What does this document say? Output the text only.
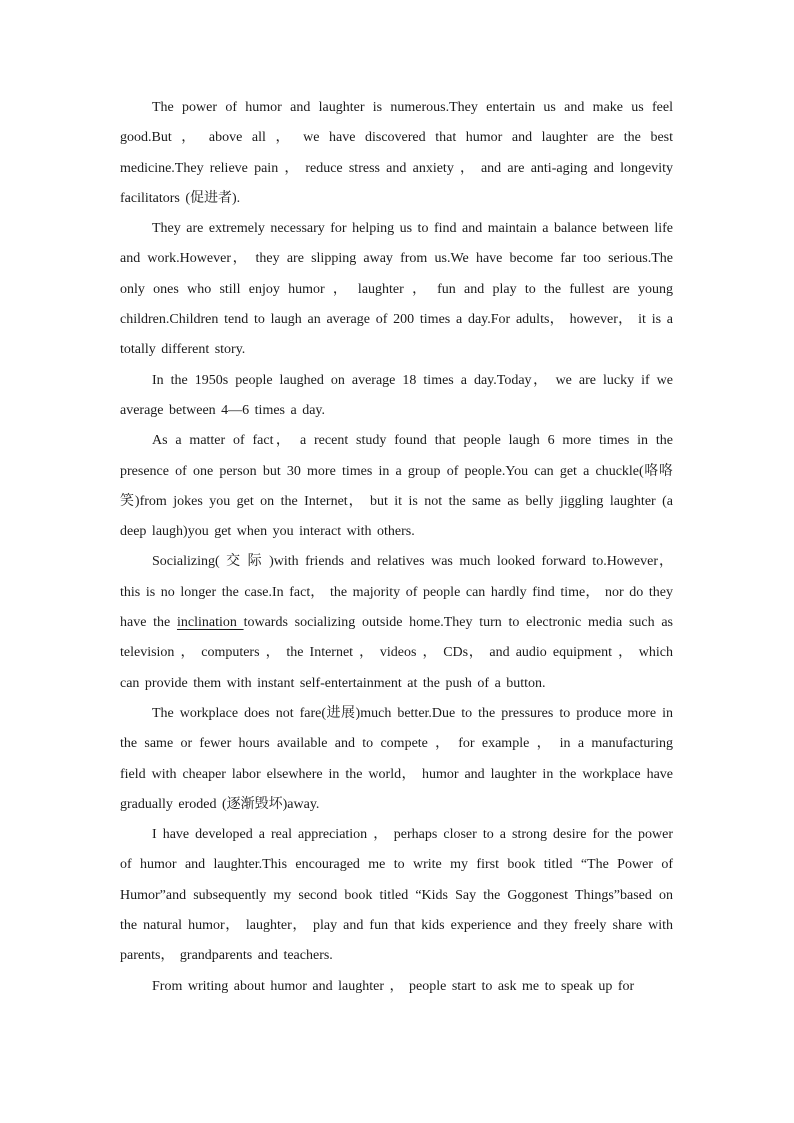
The power of humor and laughter is numerous.They entertain us and make us feel good.But ， above all ， we have discovered that humor and laughter are the best medicine.They relieve pain ， reduce stress and anxiety ， and are anti-aging and longevity facilitators (促进者).

They are extremely necessary for helping us to find and maintain a balance between life and work.However， they are slipping away from us.We have become far too serious.The only ones who still enjoy humor ， laughter ， fun and play to the fullest are young children.Children tend to laugh an average of 200 times a day.For adults， however， it is a totally different story.

In the 1950s people laughed on average 18 times a day.Today， we are lucky if we average between 4—6 times a day.

As a matter of fact， a recent study found that people laugh 6 more times in the presence of one person but 30 more times in a group of people.You can get a chuckle(咯咯笑)from jokes you get on the Internet， but it is not the same as belly jiggling laughter (a deep laugh)you get when you interact with others.

Socializing( 交 际 )with friends and relatives was much looked forward to.However， this is no longer the case.In fact， the majority of people can hardly find time， nor do they have the inclination towards socializing outside home.They turn to electronic media such as television ， computers ， the Internet ， videos ， CDs， and audio equipment ， which can provide them with instant self-entertainment at the push of a button.

The workplace does not fare(进展)much better.Due to the pressures to produce more in the same or fewer hours available and to compete ， for example ， in a manufacturing field with cheaper labor elsewhere in the world， humor and laughter in the workplace have gradually eroded (逐渐毁坏)away.

I have developed a real appreciation ， perhaps closer to a strong desire for the power of humor and laughter.This encouraged me to write my first book titled “The Power of Humor”and subsequently my second book titled “Kids Say the Goggonest Things”based on the natural humor， laughter， play and fun that kids experience and they freely share with parents， grandparents and teachers.

From writing about humor and laughter ， people start to ask me to speak up for
